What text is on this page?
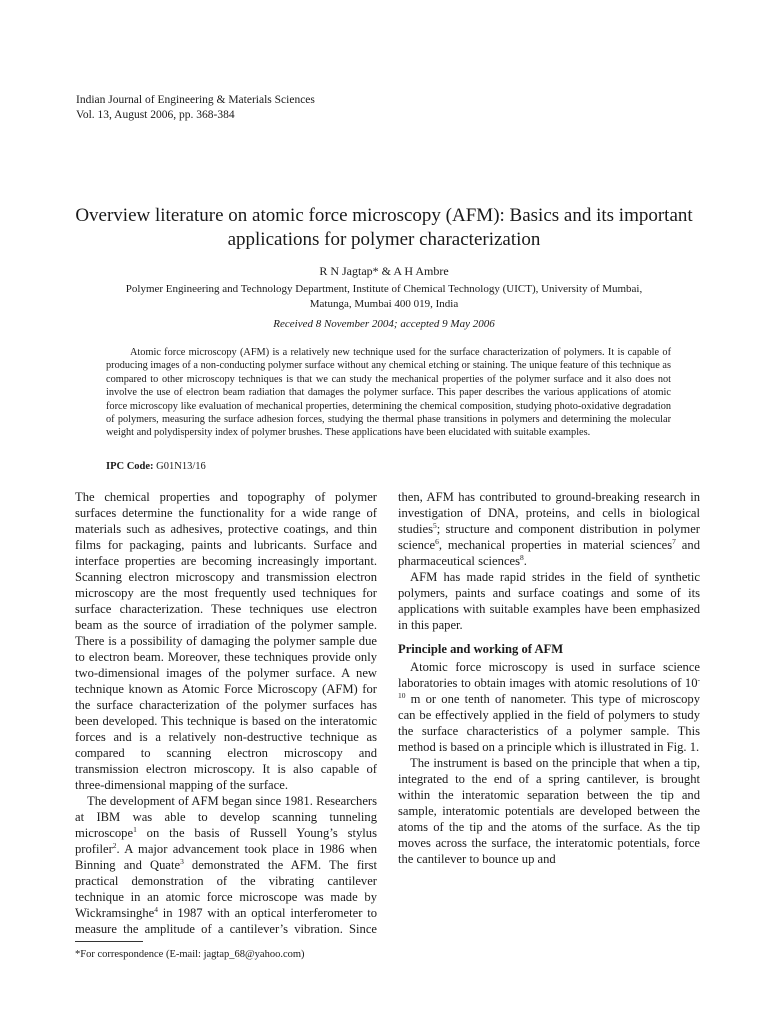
Indian Journal of Engineering & Materials Sciences
Vol. 13, August 2006, pp. 368-384
Overview literature on atomic force microscopy (AFM): Basics and its important
applications for polymer characterization
R N Jagtap* & A H Ambre
Polymer Engineering and Technology Department, Institute of Chemical Technology (UICT), University of Mumbai,
Matunga, Mumbai 400 019, India
Received 8 November 2004; accepted 9 May 2006

Atomic force microscopy (AFM) is a relatively new technique used for the surface characterization of polymers. It is capable of producing images of a non-conducting polymer surface without any chemical etching or staining. The unique feature of this technique as compared to other microscopy techniques is that we can study the mechanical properties of the polymer surface and it also does not involve the use of electron beam radiation that damages the polymer surface. This paper describes the various applications of atomic force microscopy like evaluation of mechanical properties, determining the chemical composition, studying photo-oxidative degradation of polymers, measuring the surface adhesion forces, studying the thermal phase transitions in polymers and determining the molecular weight and polydispersity index of polymer brushes. These applications have been elucidated with suitable examples.

IPC Code: G01N13/16

The chemical properties and topography of polymer surfaces determine the functionality for a wide range of materials such as adhesives, protective coatings, and thin films for packaging, paints and lubricants. Surface and interface properties are becoming increasingly important. Scanning electron microscopy and transmission electron microscopy are the most frequently used techniques for surface characterization. These techniques use electron beam as the source of irradiation of the polymer sample. There is a possibility of damaging the polymer sample due to electron beam. Moreover, these techniques provide only two-dimensional images of the polymer surface. A new technique known as Atomic Force Microscopy (AFM) for the surface characterization of the polymer surfaces has been developed. This technique is based on the interatomic forces and is a relatively non-destructive technique as compared to scanning electron microscopy and transmission electron microscopy. It is also capable of three-dimensional mapping of the surface.

The development of AFM began since 1981. Researchers at IBM was able to develop scanning tunneling microscope$^1$ on the basis of Russell Young’s stylus profiler$^2$. A major advancement took place in 1986 when Binning and Quate$^3$ demonstrated the AFM. The first practical demonstration of the vibrating cantilever technique in an atomic force microscope was made by Wickramsinghe$^4$ in 1987 with an optical interferometer to measure the amplitude of a cantilever’s vibration. Since

then, AFM has contributed to ground-breaking research in investigation of DNA, proteins, and cells in biological studies$^5$; structure and component distribution in polymer science$^6$, mechanical properties in material sciences$^7$ and pharmaceutical sciences$^8$.

AFM has made rapid strides in the field of synthetic polymers, paints and surface coatings and some of its applications with suitable examples have been emphasized in this paper.

Principle and working of AFM

Atomic force microscopy is used in surface science laboratories to obtain images with atomic resolutions of $10^{-10}$ m or one tenth of nanometer. This type of microscopy can be effectively applied in the field of polymers to study the surface characteristics of a polymer sample. This method is based on a principle which is illustrated in Fig. 1.

The instrument is based on the principle that when a tip, integrated to the end of a spring cantilever, is brought within the interatomic separation between the tip and sample, interatomic potentials are developed between the atoms of the tip and the atoms of the surface. As the tip moves across the surface, the interatomic potentials, force the cantilever to bounce up and

*For correspondence (E-mail: jagtap_68@yahoo.com)
